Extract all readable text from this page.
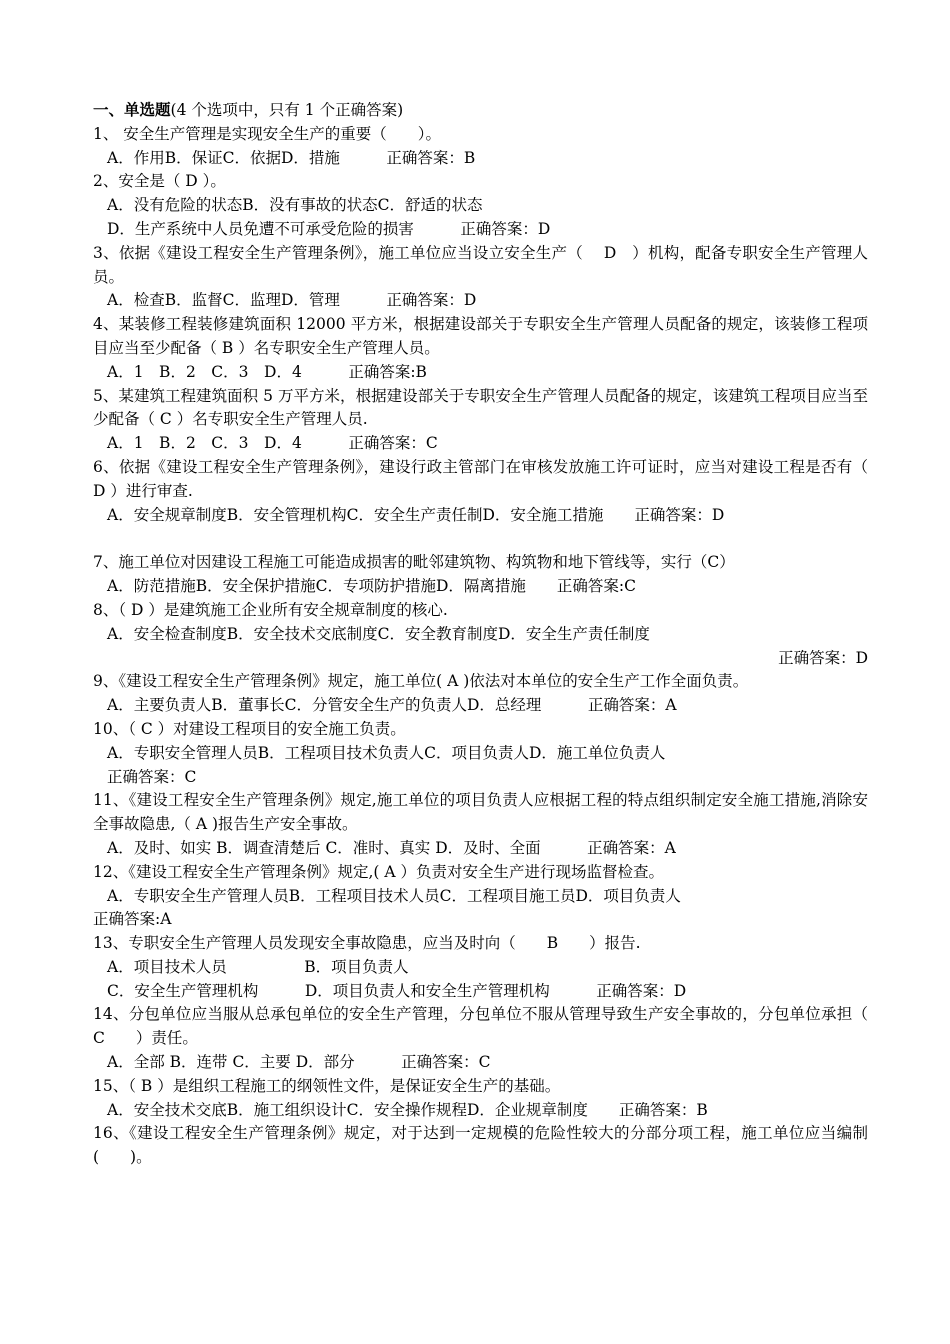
一、单选题(4 个选项中，只有 1 个正确答案)
1、 安全生产管理是实现安全生产的重要（　　）。
A．作用B．保证C．依据D．措施　　　正确答案：B
2、安全是（ D ）。
A．没有危险的状态B．没有事故的状态C．舒适的状态
D．生产系统中人员免遭不可承受危险的损害　　　正确答案：D
3、依据《建设工程安全生产管理条例》，施工单位应当设立安全生产（　 D　）机构，配备专职安全生产管理人员。
A．检查B．监督C．监理D．管理　　　正确答案：D
4、某装修工程装修建筑面积 12000 平方米，根据建设部关于专职安全生产管理人员配备的规定，该装修工程项目应当至少配备（ B ）名专职安全生产管理人员。
A．1　B．2　C．3　D．4　　　正确答案:B
5、某建筑工程建筑面积 5 万平方米，根据建设部关于专职安全生产管理人员配备的规定，该建筑工程项目应当至少配备（ C ）名专职安全生产管理人员.
A．1　B．2　C．3　D．4　　　正确答案：C
6、依据《建设工程安全生产管理条例》，建设行政主管部门在审核发放施工许可证时，应当对建设工程是否有（ D ）进行审查.
A．安全规章制度B．安全管理机构C．安全生产责任制D．安全施工措施　　正确答案：D
7、施工单位对因建设工程施工可能造成损害的毗邻建筑物、构筑物和地下管线等，实行（C）
A．防范措施B．安全保护措施C．专项防护措施D．隔离措施　　正确答案:C
8、（ D ）是建筑施工企业所有安全规章制度的核心.
A．安全检查制度B．安全技术交底制度C．安全教育制度D．安全生产责任制度
正确答案：D
9、《建设工程安全生产管理条例》规定，施工单位( A )依法对本单位的安全生产工作全面负责。
A．主要负责人B．董事长C．分管安全生产的负责人D．总经理　　　正确答案：A
10、（ C ）对建设工程项目的安全施工负责。
A．专职安全管理人员B．工程项目技术负责人C．项目负责人D．施工单位负责人
正确答案：C
11、《建设工程安全生产管理条例》规定,施工单位的项目负责人应根据工程的特点组织制定安全施工措施,消除安全事故隐患,（ A )报告生产安全事故。
A．及时、如实 B．调查清楚后 C．准时、真实 D．及时、全面　　　正确答案：A
12、《建设工程安全生产管理条例》规定,( A ）负责对安全生产进行现场监督检查。
A．专职安全生产管理人员B．工程项目技术人员C．工程项目施工员D．项目负责人
正确答案:A
13、专职安全生产管理人员发现安全事故隐患，应当及时向（　　B　　）报告.
A．项目技术人员　　　　　B．项目负责人
C．安全生产管理机构　　　D．项目负责人和安全生产管理机构　　　正确答案：D
14、分包单位应当服从总承包单位的安全生产管理，分包单位不服从管理导致生产安全事故的，分包单位承担（　　C　　）责任。
A．全部 B．连带 C．主要 D．部分　　　正确答案：C
15、（ B ）是组织工程施工的纲领性文件，是保证安全生产的基础。
A．安全技术交底B．施工组织设计C．安全操作规程D．企业规章制度　　正确答案：B
16、《建设工程安全生产管理条例》规定，对于达到一定规模的危险性较大的分部分项工程，施工单位应当编制(　　)。
